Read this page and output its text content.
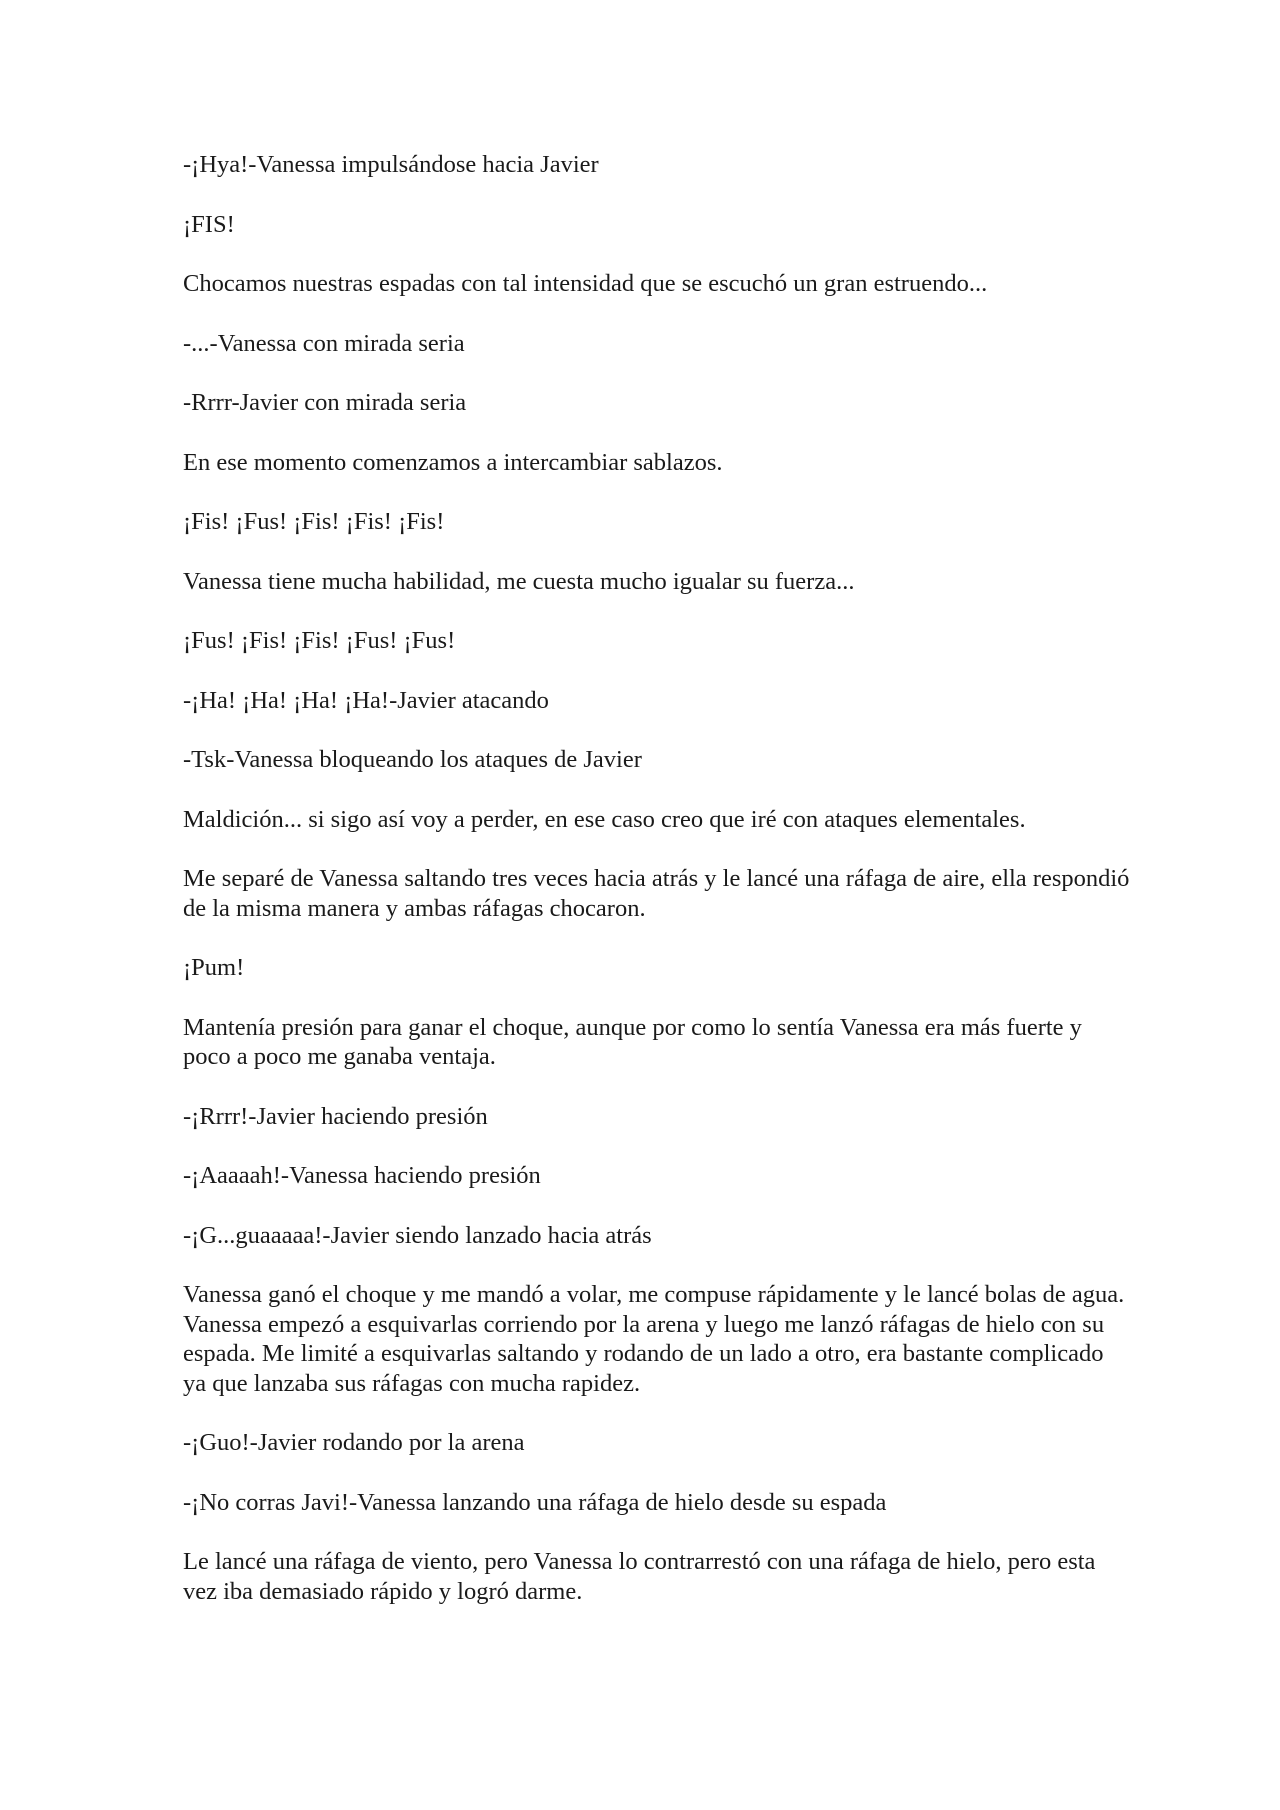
-¡Hya!-Vanessa impulsándose hacia Javier

¡FIS!

Chocamos nuestras espadas con tal intensidad que se escuchó un gran estruendo...

-...-Vanessa con mirada seria

-Rrrr-Javier con mirada seria

En ese momento comenzamos a intercambiar sablazos.

¡Fis! ¡Fus! ¡Fis! ¡Fis! ¡Fis!

Vanessa tiene mucha habilidad, me cuesta mucho igualar su fuerza...

¡Fus! ¡Fis! ¡Fis! ¡Fus! ¡Fus!

-¡Ha! ¡Ha! ¡Ha! ¡Ha!-Javier atacando

-Tsk-Vanessa bloqueando los ataques de Javier

Maldición... si sigo así voy a perder, en ese caso creo que iré con ataques elementales.

Me separé de Vanessa saltando tres veces hacia atrás y le lancé una ráfaga de aire, ella respondió de la misma manera y ambas ráfagas chocaron.

¡Pum!

Mantenía presión para ganar el choque, aunque por como lo sentía Vanessa era más fuerte y poco a poco me ganaba ventaja.

-¡Rrrr!-Javier haciendo presión

-¡Aaaaah!-Vanessa haciendo presión

-¡G...guaaaaa!-Javier siendo lanzado hacia atrás

Vanessa ganó el choque y me mandó a volar, me compuse rápidamente y le lancé bolas de agua. Vanessa empezó a esquivarlas corriendo por la arena y luego me lanzó ráfagas de hielo con su espada. Me limité a esquivarlas saltando y rodando de un lado a otro, era bastante complicado ya que lanzaba sus ráfagas con mucha rapidez.

-¡Guo!-Javier rodando por la arena

-¡No corras Javi!-Vanessa lanzando una ráfaga de hielo desde su espada

Le lancé una ráfaga de viento, pero Vanessa lo contrarrestó con una ráfaga de hielo, pero esta vez iba demasiado rápido y logró darme.
